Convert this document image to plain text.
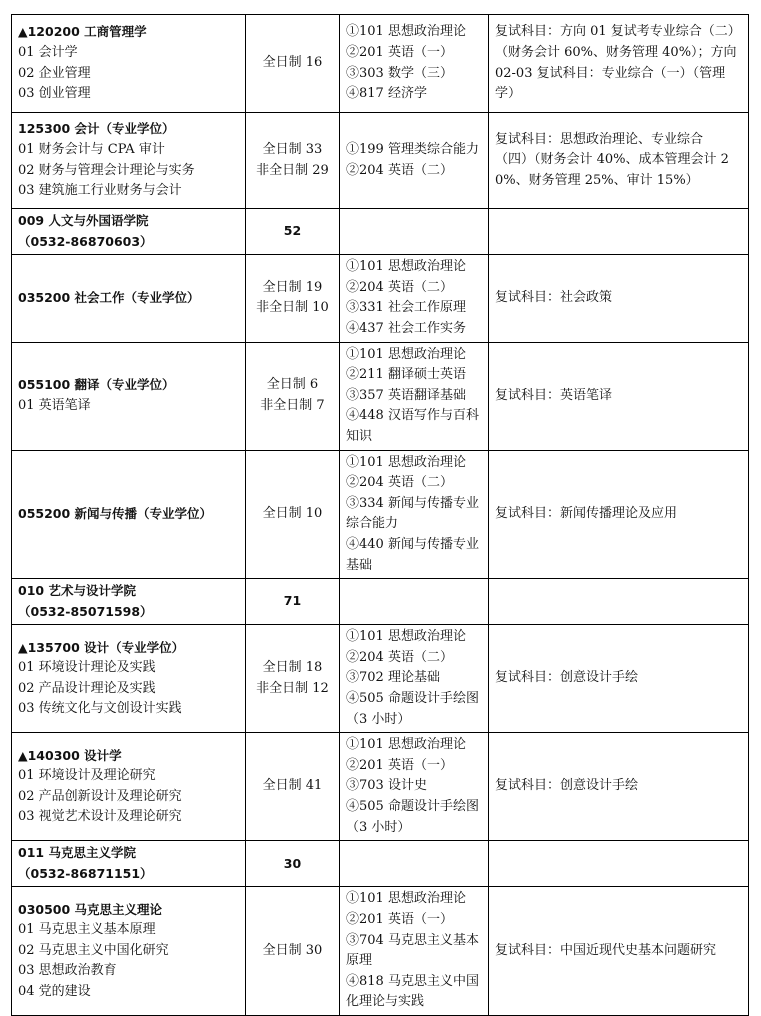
▲120200 工商管理学
01 会计学
02 企业管理
03 创业管理	全日制 16	①101 思想政治理论
②201 英语（一）
③303 数学（三）
④817 经济学	复试科目：方向 01 复试考专业综合（二）（财务会计 60%、财务管理 40%）；方向 02-03 复试科目：专业综合（一）（管理学）

125300 会计（专业学位）
01 财务会计与 CPA 审计
02 财务与管理会计理论与实务
03 建筑施工行业财务与会计	全日制 33
非全日制 29	①199 管理类综合能力
②204 英语（二）	复试科目：思想政治理论、专业综合（四）（财务会计 40%、成本管理会计 20%、财务管理 25%、审计 15%）

009 人文与外国语学院
（0532-86870603）	52		

035200 社会工作（专业学位）	全日制 19
非全日制 10	①101 思想政治理论
②204 英语（二）
③331 社会工作原理
④437 社会工作实务	复试科目：社会政策

055100 翻译（专业学位）
01 英语笔译	全日制 6
非全日制 7	①101 思想政治理论
②211 翻译硕士英语
③357 英语翻译基础
④448 汉语写作与百科知识	复试科目：英语笔译

055200 新闻与传播（专业学位）	全日制 10	①101 思想政治理论
②204 英语（二）
③334 新闻与传播专业综合能力
④440 新闻与传播专业基础	复试科目：新闻传播理论及应用

010 艺术与设计学院
（0532-85071598）	71		

▲135700 设计（专业学位）
01 环境设计理论及实践
02 产品设计理论及实践
03 传统文化与文创设计实践	全日制 18
非全日制 12	①101 思想政治理论
②204 英语（二）
③702 理论基础
④505 命题设计手绘图（3 小时）	复试科目：创意设计手绘

▲140300 设计学
01 环境设计及理论研究
02 产品创新设计及理论研究
03 视觉艺术设计及理论研究	全日制 41	①101 思想政治理论
②201 英语（一）
③703 设计史
④505 命题设计手绘图（3 小时）	复试科目：创意设计手绘

011 马克思主义学院
（0532-86871151）	30		

030500 马克思主义理论
01 马克思主义基本原理
02 马克思主义中国化研究
03 思想政治教育
04 党的建设	全日制 30	①101 思想政治理论
②201 英语（一）
③704 马克思主义基本原理
④818 马克思主义中国化理论与实践	复试科目：中国近现代史基本问题研究
